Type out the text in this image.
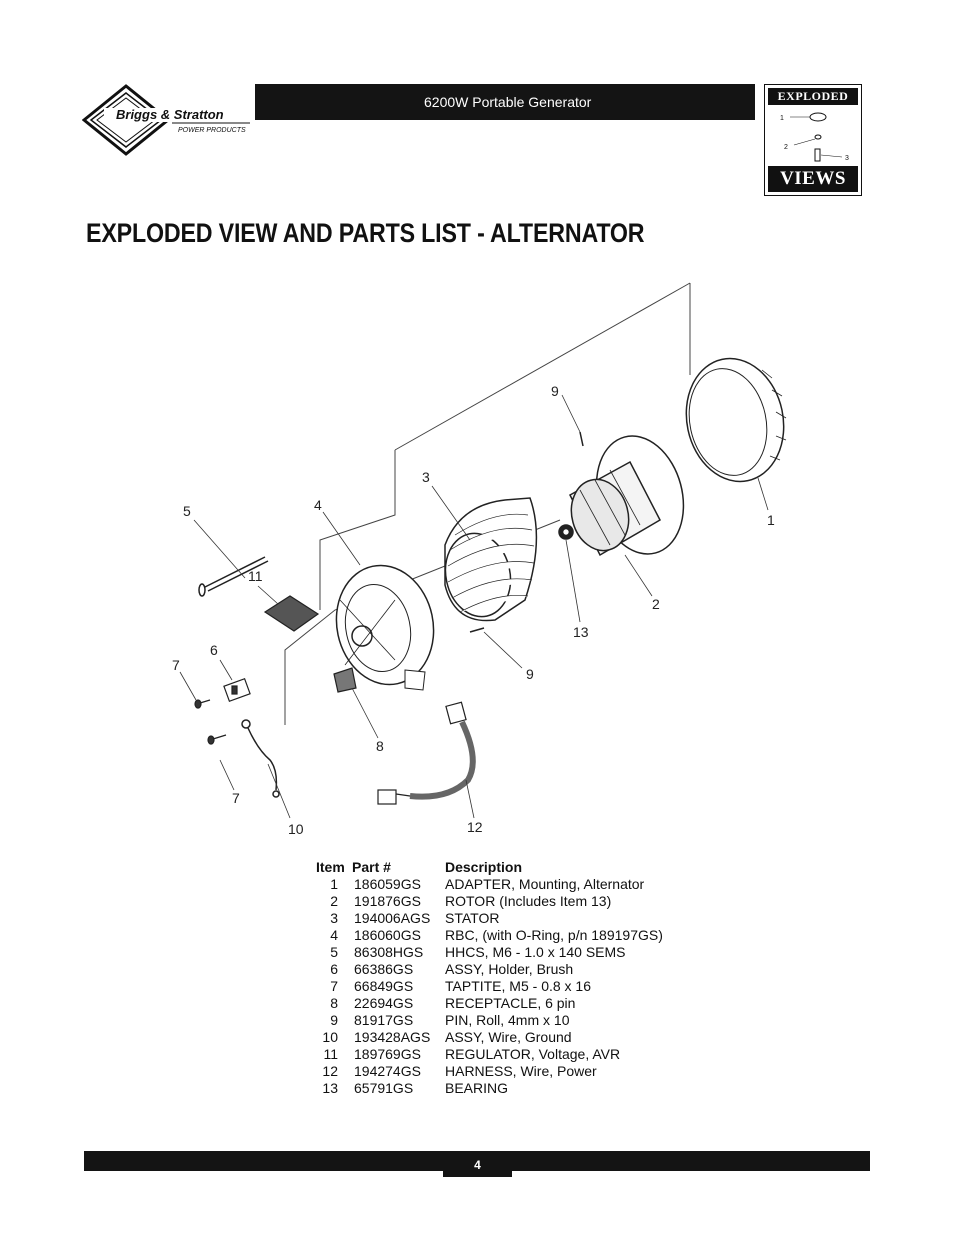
Briggs & Stratton
POWER PRODUCTS
6200W Portable Generator	EXPLODED
1
2
3
VIEWS
EXPLODED VIEW AND PARTS LIST - ALTERNATOR
1
2
3
4
5
6
7
7
8
9
9
10
11
12
13
Item Part #	Description
1	186059GS	ADAPTER, Mounting, Alternator
2	191876GS	ROTOR (Includes Item 13)
3	194006AGS	STATOR
4	186060GS	RBC, (with O-Ring, p/n 189197GS)
5	86308HGS	HHCS, M6 - 1.0 x 140 SEMS
6	66386GS	ASSY, Holder, Brush
7	66849GS	TAPTITE, M5 - 0.8 x 16
8	22694GS	RECEPTACLE, 6 pin
9	81917GS	PIN, Roll, 4mm x 10
10	193428AGS	ASSY, Wire, Ground
11	189769GS	REGULATOR, Voltage, AVR
12	194274GS	HARNESS, Wire, Power
13	65791GS	BEARING
4
